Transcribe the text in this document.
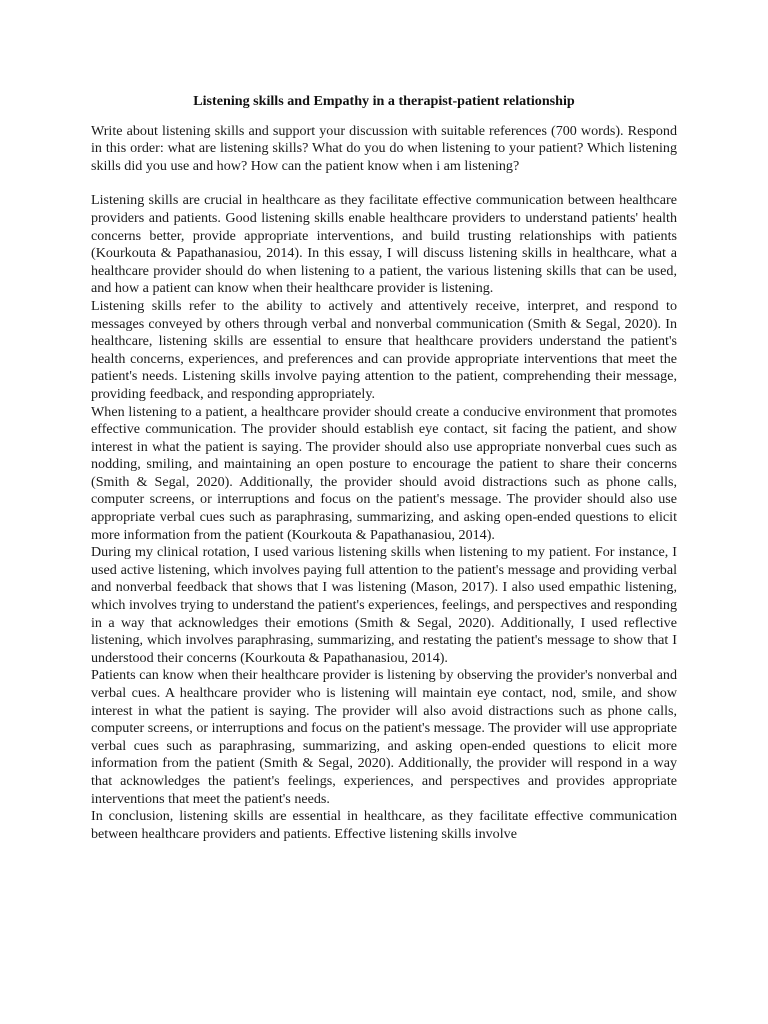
Listening skills and Empathy in a therapist-patient relationship

Write about listening skills and support your discussion with suitable references (700 words). Respond in this order: what are listening skills? What do you do when listening to your patient? Which listening skills did you use and how? How can the patient know when i am listening?

Listening skills are crucial in healthcare as they facilitate effective communication between healthcare providers and patients. Good listening skills enable healthcare providers to understand patients' health concerns better, provide appropriate interventions, and build trusting relationships with patients (Kourkouta & Papathanasiou, 2014). In this essay, I will discuss listening skills in healthcare, what a healthcare provider should do when listening to a patient, the various listening skills that can be used, and how a patient can know when their healthcare provider is listening.

Listening skills refer to the ability to actively and attentively receive, interpret, and respond to messages conveyed by others through verbal and nonverbal communication (Smith & Segal, 2020). In healthcare, listening skills are essential to ensure that healthcare providers understand the patient's health concerns, experiences, and preferences and can provide appropriate interventions that meet the patient's needs. Listening skills involve paying attention to the patient, comprehending their message, providing feedback, and responding appropriately.

When listening to a patient, a healthcare provider should create a conducive environment that promotes effective communication. The provider should establish eye contact, sit facing the patient, and show interest in what the patient is saying. The provider should also use appropriate nonverbal cues such as nodding, smiling, and maintaining an open posture to encourage the patient to share their concerns (Smith & Segal, 2020). Additionally, the provider should avoid distractions such as phone calls, computer screens, or interruptions and focus on the patient's message. The provider should also use appropriate verbal cues such as paraphrasing, summarizing, and asking open-ended questions to elicit more information from the patient (Kourkouta & Papathanasiou, 2014).

During my clinical rotation, I used various listening skills when listening to my patient. For instance, I used active listening, which involves paying full attention to the patient's message and providing verbal and nonverbal feedback that shows that I was listening (Mason, 2017). I also used empathic listening, which involves trying to understand the patient's experiences, feelings, and perspectives and responding in a way that acknowledges their emotions (Smith & Segal, 2020). Additionally, I used reflective listening, which involves paraphrasing, summarizing, and restating the patient's message to show that I understood their concerns (Kourkouta & Papathanasiou, 2014).

Patients can know when their healthcare provider is listening by observing the provider's nonverbal and verbal cues. A healthcare provider who is listening will maintain eye contact, nod, smile, and show interest in what the patient is saying. The provider will also avoid distractions such as phone calls, computer screens, or interruptions and focus on the patient's message. The provider will use appropriate verbal cues such as paraphrasing, summarizing, and asking open-ended questions to elicit more information from the patient (Smith & Segal, 2020). Additionally, the provider will respond in a way that acknowledges the patient's feelings, experiences, and perspectives and provides appropriate interventions that meet the patient's needs.

In conclusion, listening skills are essential in healthcare, as they facilitate effective communication between healthcare providers and patients. Effective listening skills involve
